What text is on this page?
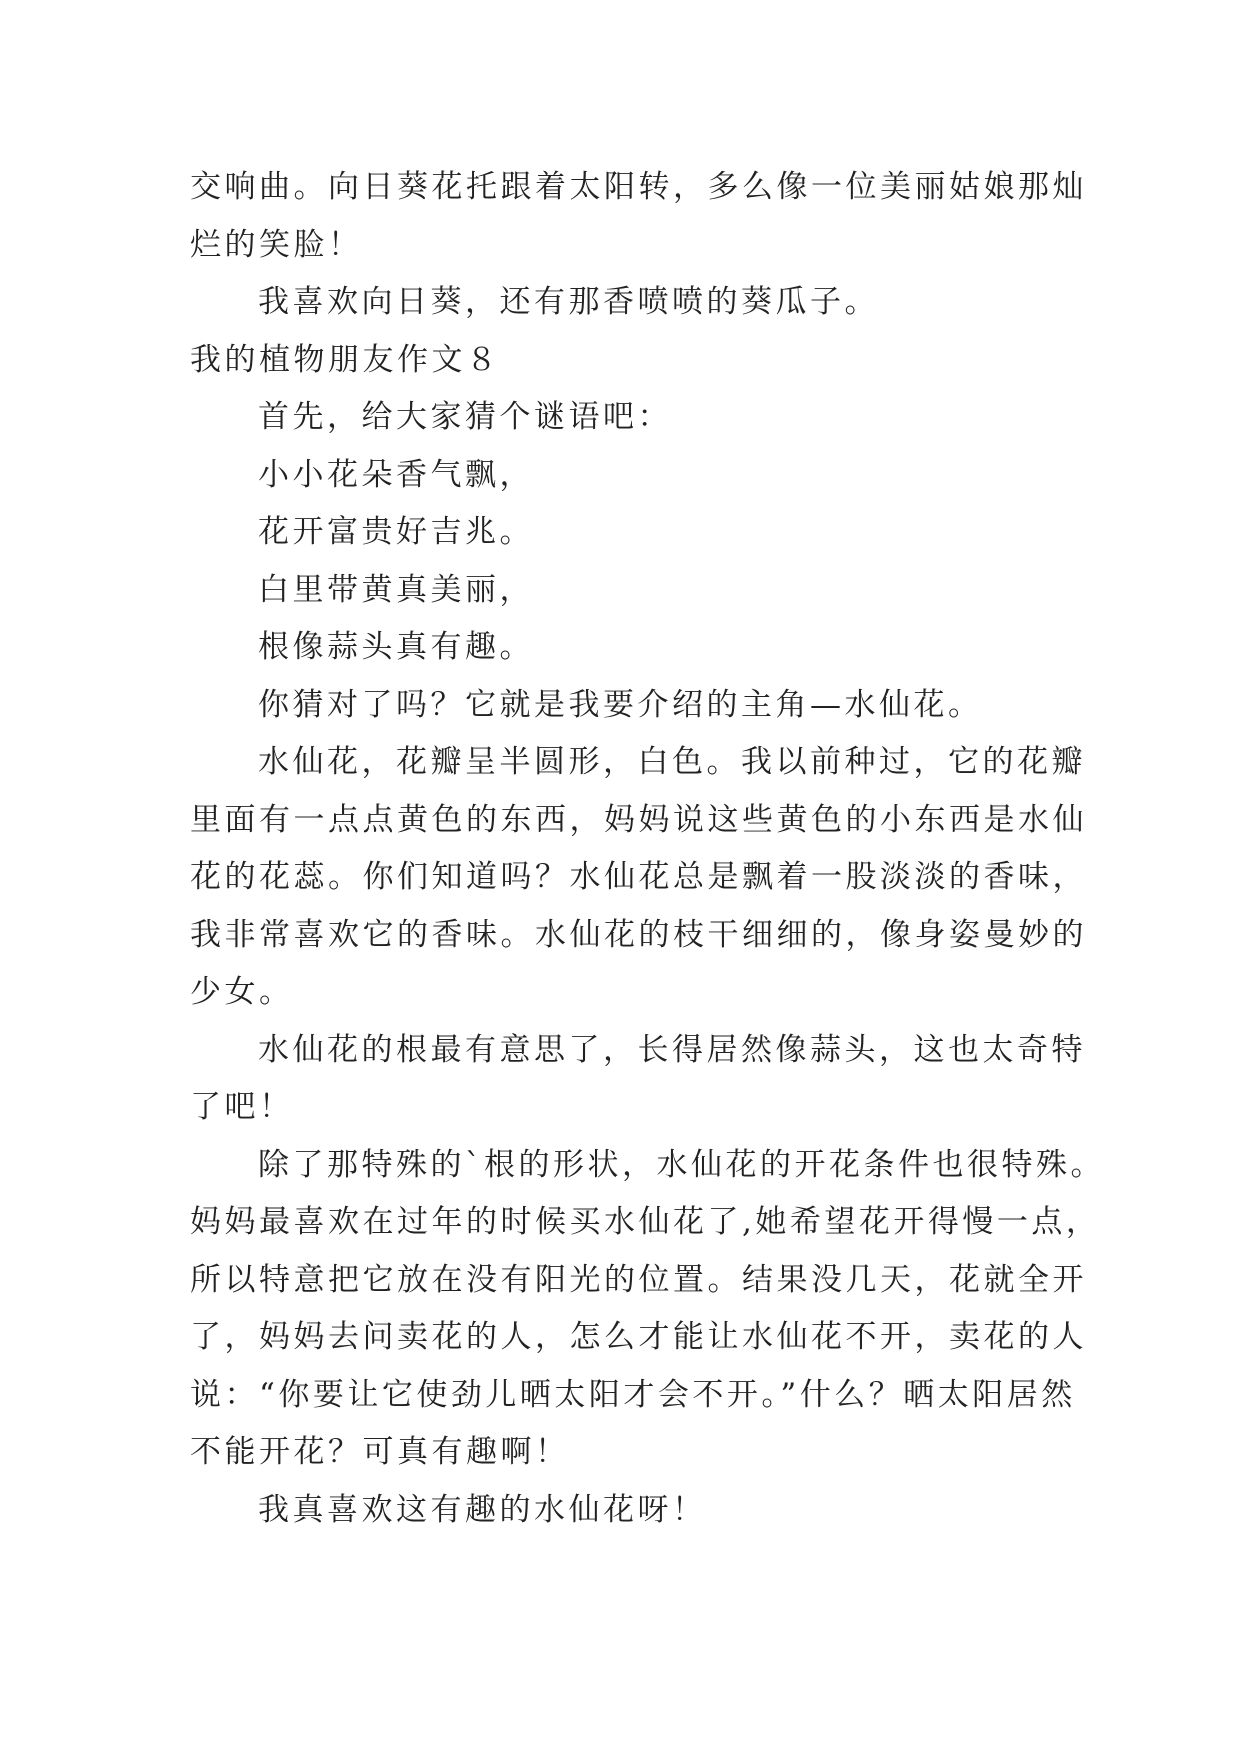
交响曲。向日葵花托跟着太阳转，多么像一位美丽姑娘那灿

烂的笑脸！

我喜欢向日葵，还有那香喷喷的葵瓜子。

我的植物朋友作文８

首先，给大家猜个谜语吧：

小小花朵香气飘，

花开富贵好吉兆。

白里带黄真美丽，

根像蒜头真有趣。

你猜对了吗？它就是我要介绍的主角—水仙花。

水仙花，花瓣呈半圆形，白色。我以前种过，它的花瓣

里面有一点点黄色的东西，妈妈说这些黄色的小东西是水仙

花的花蕊。你们知道吗？水仙花总是飘着一股淡淡的香味，

我非常喜欢它的香味。水仙花的枝干细细的，像身姿曼妙的

少女。

水仙花的根最有意思了，长得居然像蒜头，这也太奇特

了吧！

除了那特殊的`根的形状，水仙花的开花条件也很特殊。

妈妈最喜欢在过年的时候买水仙花了,她希望花开得慢一点，

所以特意把它放在没有阳光的位置。结果没几天，花就全开

了，妈妈去问卖花的人，怎么才能让水仙花不开，卖花的人

说：“你要让它使劲儿晒太阳才会不开。”什么？晒太阳居然

不能开花？可真有趣啊！

我真喜欢这有趣的水仙花呀！
